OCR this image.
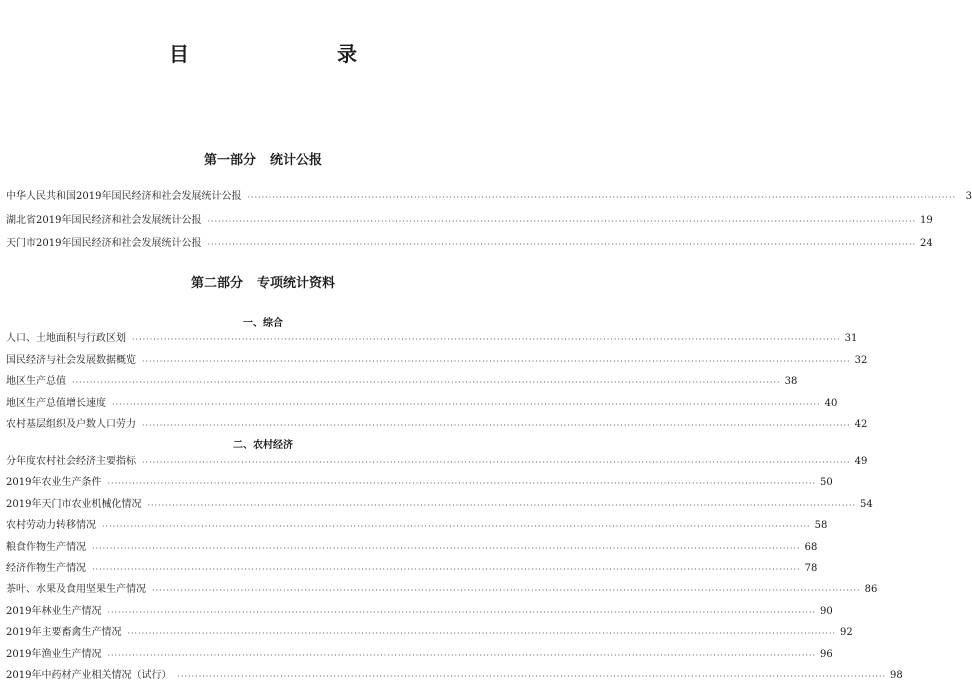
目　　录
第一部分 统计公报
中华人民共和国2019年国民经济和社会发展统计公报 ········································································································································································································ 3
湖北省2019年国民经济和社会发展统计公报 ········································································································································································································ 19
天门市2019年国民经济和社会发展统计公报 ········································································································································································································ 24
第二部分 专项统计资料
一、综合
人口、土地面积与行政区划 ········································································································································································································ 31
国民经济与社会发展数据概览 ········································································································································································································ 32
地区生产总值 ········································································································································································································ 38
地区生产总值增长速度 ········································································································································································································ 40
农村基层组织及户数人口劳力 ········································································································································································································ 42
二、农村经济
分年度农村社会经济主要指标 ········································································································································································································ 49
2019年农业生产条件 ········································································································································································································ 50
2019年天门市农业机械化情况 ········································································································································································································ 54
农村劳动力转移情况 ········································································································································································································ 58
粮食作物生产情况 ········································································································································································································ 68
经济作物生产情况 ········································································································································································································ 78
茶叶、水果及食用坚果生产情况 ········································································································································································································ 86
2019年林业生产情况 ········································································································································································································ 90
2019年主要畜禽生产情况 ········································································································································································································ 92
2019年渔业生产情况 ········································································································································································································ 96
2019年中药材产业相关情况（试行） ········································································································································································································ 98
